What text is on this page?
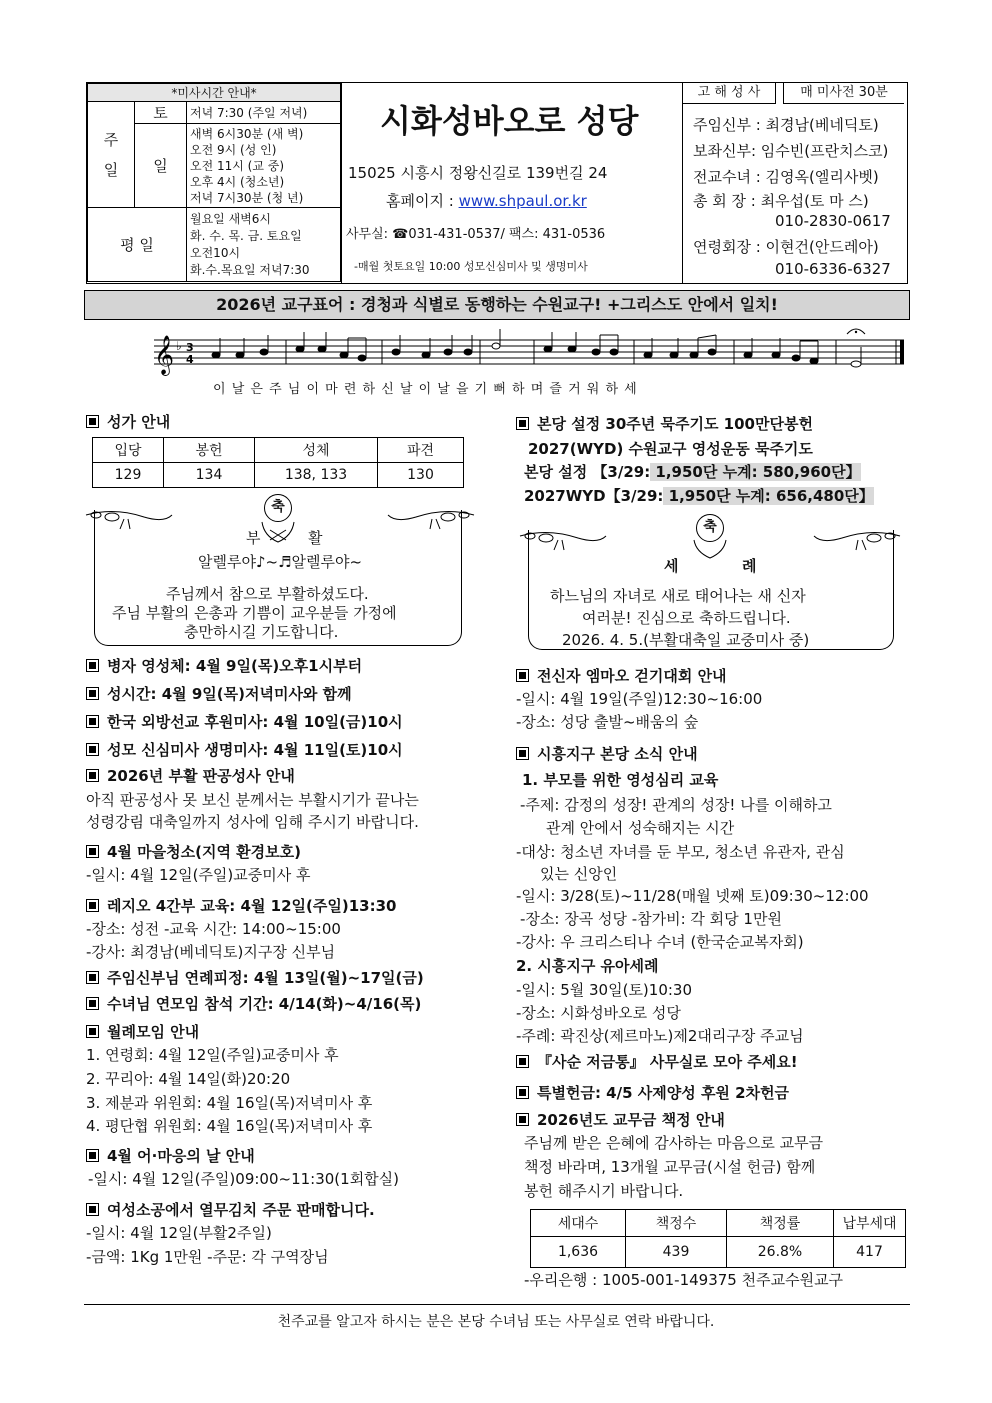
*미사시간 안내*		

주
일	토	저녁 7:30 (주일 저녁)
	일	새벽 6시30분 (새 벽)
오전 9시 (성 인)
오전 11시 (교 중)
오후 4시 (청소년)
저녁 7시30분 (청 년)

평 일		월요일 새벽6시
화. 수. 목. 금. 토요일
오전10시
화.수.목요일 저녁7:30
시화성바오로 성당
15025 시흥시 정왕신길로 139번길 24
홈페이지 : www.shpaul.or.kr
사무실: ☎031-431-0537/ 팩스: 431-0536
-매월 첫토요일 10:00 성모신심미사 및 생명미사
고 해 성 사	매 미사전 30분
주임신부 : 최경남(베네딕토)
보좌신부: 임수빈(프란치스코)
전교수녀 : 김영옥(엘리사벳)
총 회 장 : 최우섭(토 마 스)
010-2830-0617
연령회장 : 이현건(안드레아)
010-6336-6327
2026년 교구표어 : 경청과 식별로 동행하는 수원교구! +그리스도 안에서 일치!
𝄞 ♭ 3
4
이 날 은 주 님 이 마 련 하 신 날 이 날 을 기 뻐 하 며 즐 거 워 하 세
성가 안내
입당	봉헌	성체	파견
129	134	138, 133	130
축
부	활
알렐루야♪~♬알렐루야~
주님께서 참으로 부활하셨도다.
주님 부활의 은총과 기쁨이 교우분들 가정에
충만하시길 기도합니다.
병자 영성체: 4월 9일(목)오후1시부터
성시간: 4월 9일(목)저녁미사와 함께
한국 외방선교 후원미사: 4월 10일(금)10시
성모 신심미사 생명미사: 4월 11일(토)10시
2026년 부활 판공성사 안내
아직 판공성사 못 보신 분께서는 부활시기가 끝나는
성령강림 대축일까지 성사에 임해 주시기 바랍니다.
4월 마을청소(지역 환경보호)
-일시: 4월 12일(주일)교중미사 후
레지오 4간부 교육: 4월 12일(주일)13:30
-장소: 성전 -교육 시간: 14:00~15:00
-강사: 최경남(베네딕토)지구장 신부님
주임신부님 연례피정: 4월 13일(월)~17일(금)
수녀님 연모임 참석 기간: 4/14(화)~4/16(목)
월례모임 안내
1. 연령회: 4월 12일(주일)교중미사 후
2. 꾸리아: 4월 14일(화)20:20
3. 제분과 위원회: 4월 16일(목)저녁미사 후
4. 평단협 위원회: 4월 16일(목)저녁미사 후
4월 어·마응의 날 안내
-일시: 4월 12일(주일)09:00~11:30(1회합실)
여성소공에서 열무김치 주문 판매합니다.
-일시: 4월 12일(부활2주일)
-금액: 1Kg 1만원 -주문: 각 구역장님
본당 설정 30주년 묵주기도 100만단봉헌
2027(WYD) 수원교구 영성운동 묵주기도
본당 설정 【3/29: 1,950단 누계: 580,960단】
2027WYD【3/29: 1,950단 누계: 656,480단】
축
세	례
하느님의 자녀로 새로 태어나는 새 신자
여러분! 진심으로 축하드립니다.
2026. 4. 5.(부활대축일 교중미사 중)
전신자 엠마오 걷기대회 안내
-일시: 4월 19일(주일)12:30~16:00
-장소: 성당 출발~배움의 숲
시흥지구 본당 소식 안내
1. 부모를 위한 영성심리 교육
-주제: 감정의 성장! 관계의 성장! 나를 이해하고
관계 안에서 성숙해지는 시간
-대상: 청소년 자녀를 둔 부모, 청소년 유관자, 관심
있는 신앙인
-일시: 3/28(토)~11/28(매월 넷째 토)09:30~12:00
-장소: 장곡 성당 -참가비: 각 회당 1만원
-강사: 우 크리스티나 수녀 (한국순교복자회)
2. 시흥지구 유아세례
-일시: 5월 30일(토)10:30
-장소: 시화성바오로 성당
-주례: 곽진상(제르마노)제2대리구장 주교님
『사순 저금통』 사무실로 모아 주세요!
특별헌금: 4/5 사제양성 후원 2차헌금
2026년도 교무금 책정 안내
주님께 받은 은혜에 감사하는 마음으로 교무금
책정 바라며, 13개월 교무금(시설 헌금) 함께
봉헌 해주시기 바랍니다.
세대수	책정수	책정률	납부세대
1,636	439	26.8%	417
-우리은행 : 1005-001-149375 천주교수원교구
천주교를 알고자 하시는 분은 본당 수녀님 또는 사무실로 연락 바랍니다.
